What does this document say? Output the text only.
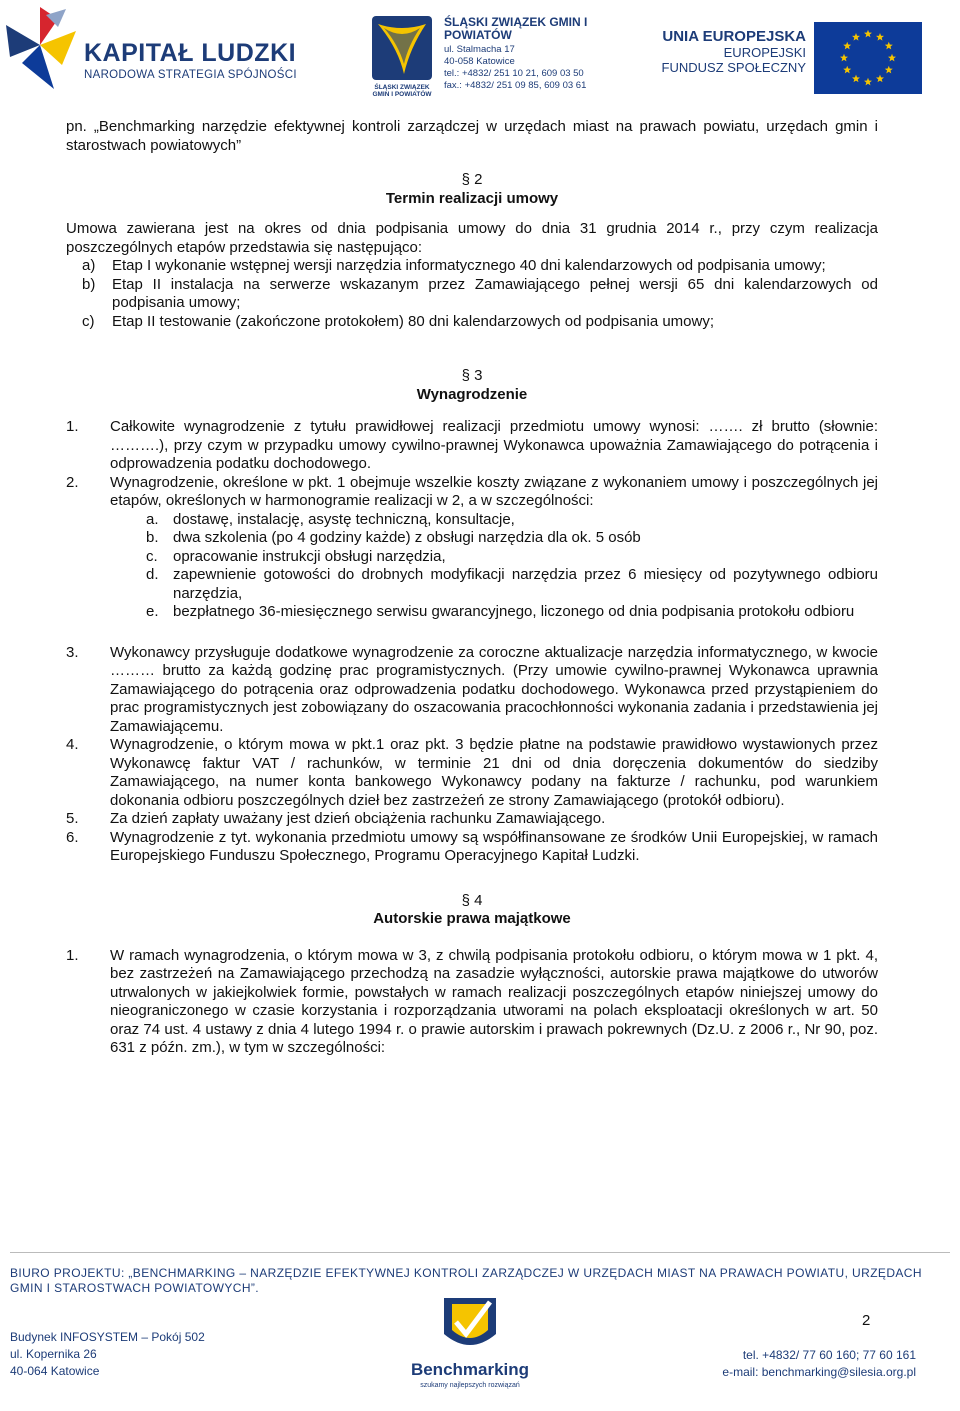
KAPITAŁ LUDZKI
NARODOWA STRATEGIA SPÓJNOŚCI
ŚLĄSKI ZWIĄZEK GMIN I POWIATÓW
ŚLĄSKI ZWIĄZEK GMIN I POWIATÓW
ul. Stalmacha 17
40-058 Katowice
tel.: +4832/ 251 10 21, 609 03 50
fax.: +4832/ 251 09 85, 609 03 61
UNIA EUROPEJSKA
EUROPEJSKI
FUNDUSZ SPOŁECZNY

pn. „Benchmarking narzędzie efektywnej kontroli zarządczej w urzędach miast na prawach powiatu, urzędach gmin i starostwach powiatowych”

§ 2

Termin realizacji umowy

Umowa zawierana jest na okres od dnia podpisania umowy do dnia 31 grudnia 2014 r., przy czym realizacja poszczególnych etapów przedstawia się następująco:

a)	Etap I wykonanie wstępnej wersji narzędzia informatycznego 40 dni kalendarzowych od podpisania umowy;
b)	Etap II instalacja na serwerze wskazanym przez Zamawiającego pełnej wersji 65 dni kalendarzowych od podpisania umowy;
c)	Etap II testowanie (zakończone protokołem) 80 dni kalendarzowych od podpisania umowy;

§ 3

Wynagrodzenie

1.	Całkowite wynagrodzenie z tytułu prawidłowej realizacji przedmiotu umowy wynosi: ……. zł brutto (słownie: ……….), przy czym w przypadku umowy cywilno-prawnej Wykonawca upoważnia Zamawiającego do potrącenia i odprowadzenia podatku dochodowego.
2.	Wynagrodzenie, określone w pkt. 1 obejmuje wszelkie koszty związane z wykonaniem umowy i poszczególnych jej etapów, określonych w harmonogramie realizacji w 2, a w szczególności:
a. dostawę, instalację, asystę techniczną, konsultacje,
b. dwa szkolenia (po 4 godziny każde) z obsługi narzędzia dla ok. 5 osób
c.	opracowanie instrukcji obsługi narzędzia,
d. zapewnienie gotowości do drobnych modyfikacji narzędzia przez 6 miesięcy od pozytywnego odbioru narzędzia,
e. bezpłatnego 36-miesięcznego serwisu gwarancyjnego, liczonego od dnia podpisania protokołu odbioru
3.	Wykonawcy przysługuje dodatkowe wynagrodzenie za coroczne aktualizacje narzędzia informatycznego, w kwocie ……… brutto za każdą godzinę prac programistycznych. (Przy umowie cywilno-prawnej Wykonawca uprawnia Zamawiającego do potrącenia oraz odprowadzenia podatku dochodowego. Wykonawca przed przystąpieniem do prac programistycznych jest zobowiązany do oszacowania pracochłonności wykonania zadania i przedstawienia jej Zamawiającemu.
4.	Wynagrodzenie, o którym mowa w pkt.1 oraz pkt. 3 będzie płatne na podstawie prawidłowo wystawionych przez Wykonawcę faktur VAT / rachunków, w terminie 21 dni od dnia doręczenia dokumentów do siedziby Zamawiającego, na numer konta bankowego Wykonawcy podany na fakturze / rachunku, pod warunkiem dokonania odbioru poszczególnych dzieł bez zastrzeżeń ze strony Zamawiającego (protokół odbioru).
5.	Za dzień zapłaty uważany jest dzień obciążenia rachunku Zamawiającego.
6.	Wynagrodzenie z tyt. wykonania przedmiotu umowy są współfinansowane ze środków Unii Europejskiej, w ramach Europejskiego Funduszu Społecznego, Programu Operacyjnego Kapitał Ludzki.

§ 4

Autorskie prawa majątkowe

1.	W ramach wynagrodzenia, o którym mowa w 3, z chwilą podpisania protokołu odbioru, o którym mowa w 1 pkt. 4, bez zastrzeżeń na Zamawiającego przechodzą na zasadzie wyłączności, autorskie prawa majątkowe do utworów utrwalonych w jakiejkolwiek formie, powstałych w ramach realizacji poszczególnych etapów niniejszej umowy do nieograniczonego w czasie korzystania i rozporządzania utworami na polach eksploatacji określonych w art. 50 oraz 74 ust. 4 ustawy z dnia 4 lutego 1994 r. o prawie autorskim i prawach pokrewnych (Dz.U. z 2006 r., Nr 90, poz. 631 z późn. zm.), w tym w szczególności:
BIURO PROJEKTU: „BENCHMARKING – NARZĘDZIE EFEKTYWNEJ KONTROLI ZARZĄDCZEJ W URZĘDACH MIAST NA PRAWACH POWIATU, URZĘDACH GMIN I STAROSTWACH POWIATOWYCH”.
2
Budynek INFOSYSTEM – Pokój 502
ul. Kopernika 26
40-064 Katowice	Benchmarking
szukamy najlepszych rozwiązań
tel. +4832/ 77 60 160; 77 60 161
e-mail: benchmarking@silesia.org.pl
